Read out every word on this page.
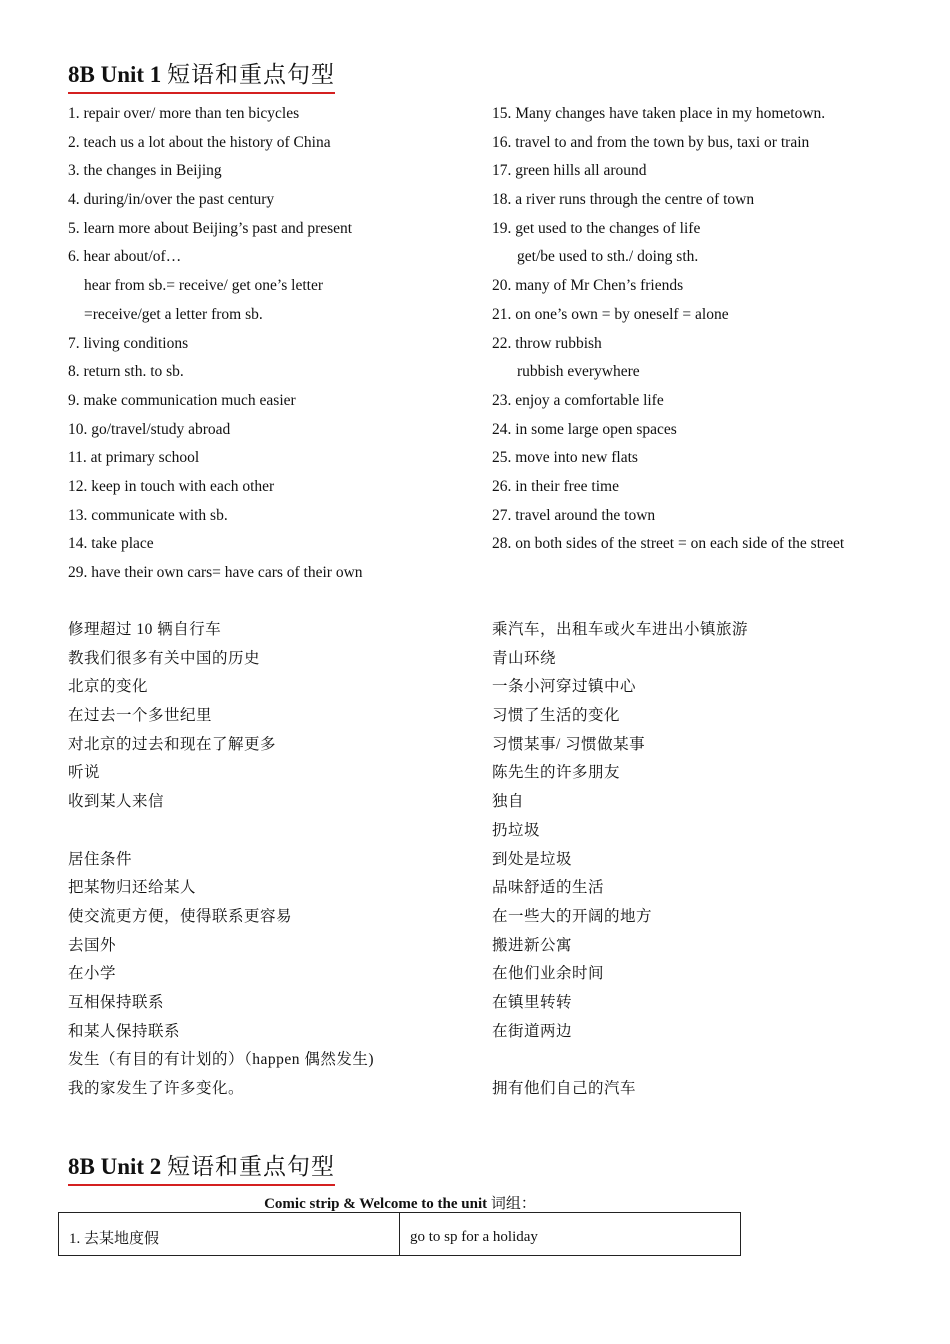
8B Unit 1 短语和重点句型
1. repair over/ more than ten bicycles
2. teach us a lot about the history of China
3. the changes in Beijing
4. during/in/over the past century
5. learn more about Beijing’s past and present
6. hear about/of…
hear from sb.= receive/ get one’s letter
=receive/get a letter from sb.
7. living conditions
8. return sth. to sb.
9. make communication much easier
10. go/travel/study abroad
11. at primary school
12. keep in touch with each other
13. communicate with sb.
14. take place
29. have their own cars= have cars of their own
15. Many changes have taken place in my hometown.
16. travel to and from the town by bus, taxi or train
17. green hills all around
18. a river runs through the centre of town
19. get used to the changes of life
get/be used to sth./ doing sth.
20. many of Mr Chen’s friends
21. on one’s own = by oneself = alone
22. throw rubbish
rubbish everywhere
23. enjoy a comfortable life
24. in some large open spaces
25. move into new flats
26. in their free time
27. travel around the town
28. on both sides of the street = on each side of the street
修理超过 10 辆自行车
教我们很多有关中国的历史
北京的变化
在过去一个多世纪里
对北京的过去和现在了解更多
听说
收到某人来信
居住条件
把某物归还给某人
使交流更方便，使得联系更容易
去国外
在小学
互相保持联系
和某人保持联系
发生（有目的有计划的）（happen 偶然发生)
我的家发生了许多变化。
乘汽车，出租车或火车进出小镇旅游
青山环绕
一条小河穿过镇中心
习惯了生活的变化
习惯某事/ 习惯做某事
陈先生的许多朋友
独自
扔垃圾
到处是垃圾
品味舒适的生活
在一些大的开阔的地方
搬进新公寓
在他们业余时间
在镇里转转
在街道两边
拥有他们自己的汽车
8B Unit 2 短语和重点句型
Comic strip & Welcome to the unit 词组：
1. 去某地度假	go to sp for a holiday
